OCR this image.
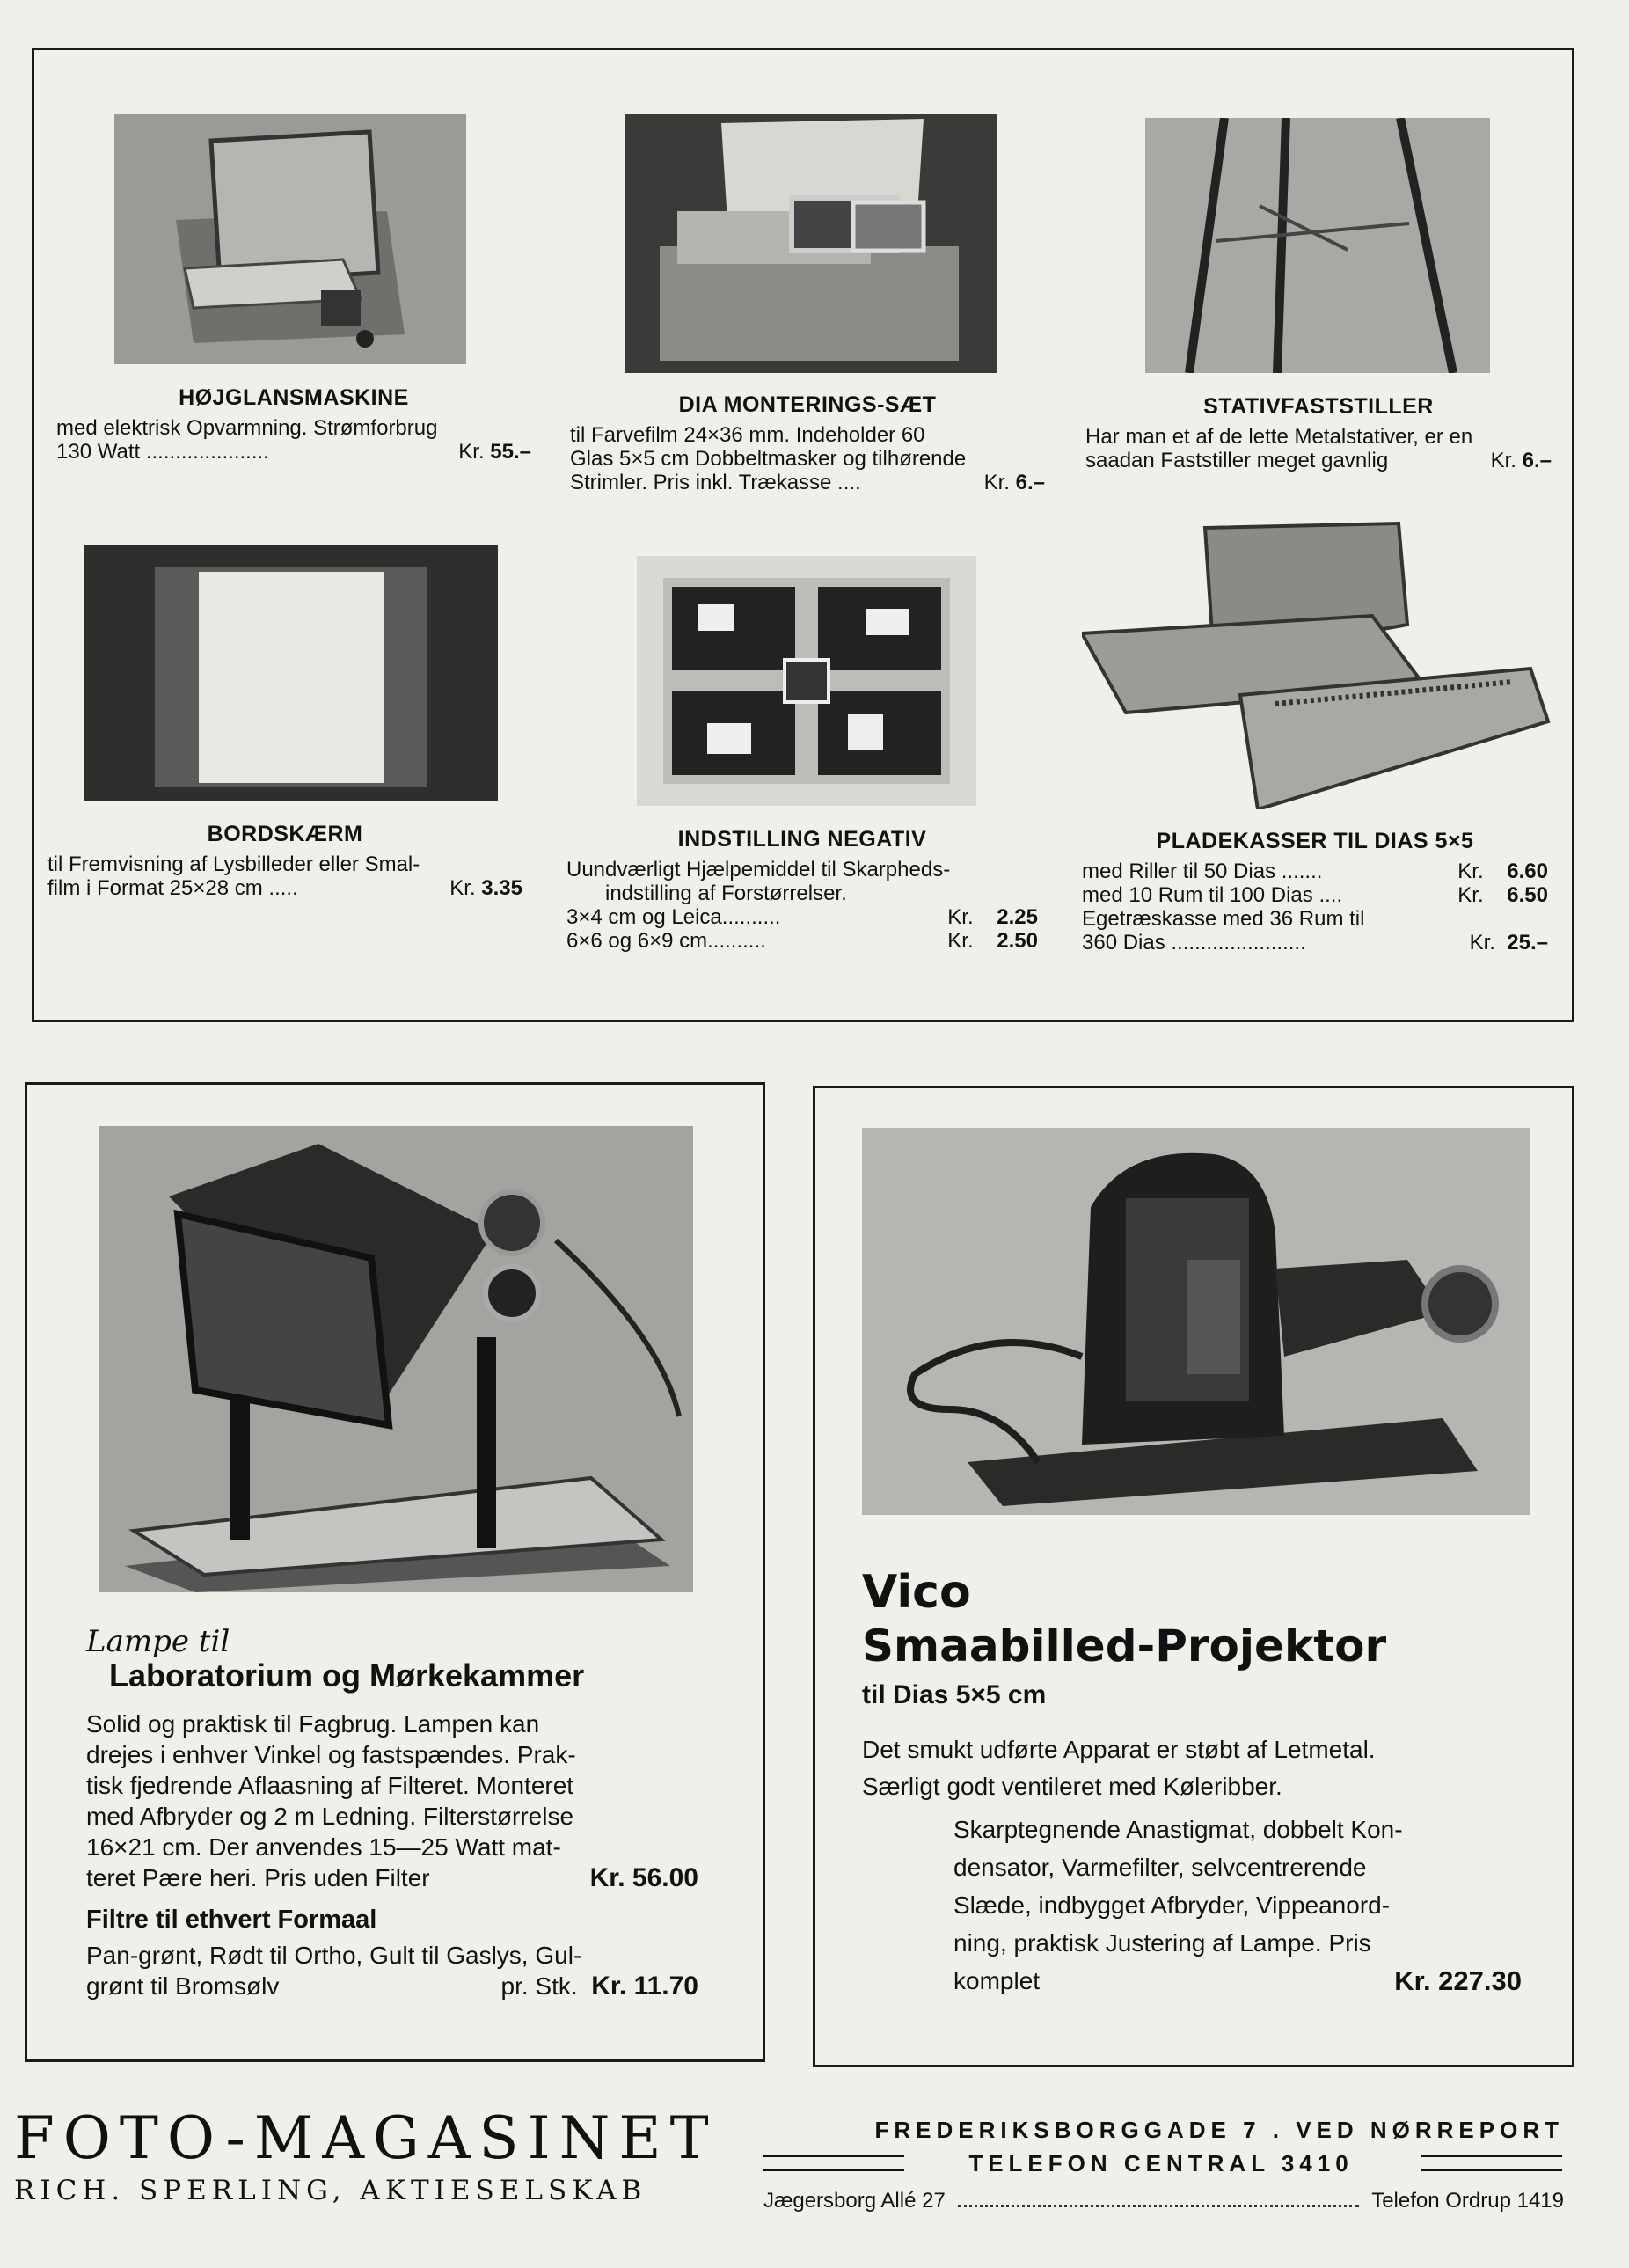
HØJGLANSMASKINE
med elektrisk Opvarmning. Strømforbrug
130 Watt .....................	Kr. 55.–
DIA MONTERINGS-SÆT
til Farvefilm 24×36 mm. Indeholder 60
Glas 5×5 cm Dobbeltmasker og tilhørende
Strimler. Pris inkl. Trækasse ....	Kr. 6.–
STATIVFASTSTILLER
Har man et af de lette Metalstativer, er en
saadan Faststiller meget gavnlig	Kr. 6.–
BORDSKÆRM
til Fremvisning af Lysbilleder eller Smal-
film i Format 25×28 cm .....	Kr. 3.35
INDSTILLING NEGATIV
Uundværligt Hjælpemiddel til Skarpheds-
indstilling af Forstørrelser.
3×4 cm og Leica..........	Kr. 2.25
6×6 og 6×9 cm..........	Kr. 2.50
PLADEKASSER TIL DIAS 5×5
med Riller til 50 Dias .......	Kr. 6.60
med 10 Rum til 100 Dias ....	Kr. 6.50
Egetræskasse med 36 Rum til
360 Dias .......................	Kr. 25.–
Lampe til
Laboratorium og Mørkekammer
Solid og praktisk til Fagbrug. Lampen kan
drejes i enhver Vinkel og fastspændes. Prak-
tisk fjedrende Aflaasning af Filteret. Monteret
med Afbryder og 2 m Ledning. Filterstørrelse
16×21 cm. Der anvendes 15—25 Watt mat-
teret Pære heri. Pris uden Filter	Kr. 56.00
Filtre til ethvert Formaal
Pan-grønt, Rødt til Ortho, Gult til Gaslys, Gul-
grønt til Bromsølv	pr. Stk. Kr. 11.70
Vico
Smaabilled-Projektor
til Dias 5×5 cm
Det smukt udførte Apparat er støbt af Letmetal.
Særligt godt ventileret med Køleribber.
Skarptegnende Anastigmat, dobbelt Kon-
densator, Varmefilter, selvcentrerende
Slæde, indbygget Afbryder, Vippeanord-
ning, praktisk Justering af Lampe. Pris
komplet	Kr. 227.30
FOTO-MAGASINET
RICH. SPERLING, AKTIESELSKAB
FREDERIKSBORGGADE 7 . VED NØRREPORT
TELEFON CENTRAL 3410
Jægersborg Allé 27	Telefon Ordrup 1419
